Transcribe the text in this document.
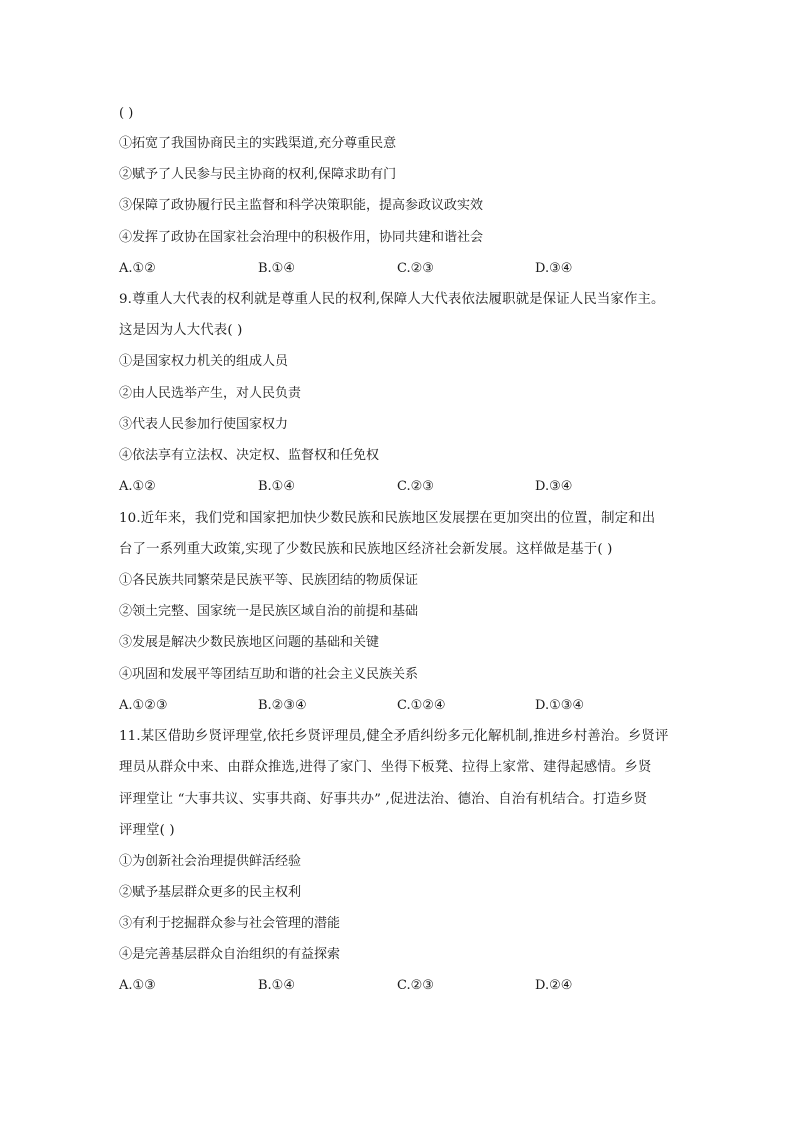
( )
①拓宽了我国协商民主的实践渠道,充分尊重民意
②赋予了人民参与民主协商的权利,保障求助有门
③保障了政协履行民主监督和科学决策职能，提高参政议政实效
④发挥了政协在国家社会治理中的积极作用，协同共建和谐社会
A.①②	B.①④	C.②③	D.③④
9.尊重人大代表的权利就是尊重人民的权利,保障人大代表依法履职就是保证人民当家作主。
这是因为人大代表( )
①是国家权力机关的组成人员
②由人民选举产生，对人民负责
③代表人民参加行使国家权力
④依法享有立法权、决定权、监督权和任免权
A.①②	B.①④	C.②③	D.③④
10.近年来，我们党和国家把加快少数民族和民族地区发展摆在更加突出的位置，制定和出
台了一系列重大政策,实现了少数民族和民族地区经济社会新发展。这样做是基于( )
①各民族共同繁荣是民族平等、民族团结的物质保证
②领土完整、国家统一是民族区域自治的前提和基础
③发展是解决少数民族地区问题的基础和关键
④巩固和发展平等团结互助和谐的社会主义民族关系
A.①②③	B.②③④	C.①②④	D.①③④
11.某区借助乡贤评理堂,依托乡贤评理员,健全矛盾纠纷多元化解机制,推进乡村善治。乡贤评
理员从群众中来、由群众推选,进得了家门、坐得下板凳、拉得上家常、建得起感情。乡贤
评理堂让 “大事共议、实事共商、好事共办” ,促进法治、德治、自治有机结合。打造乡贤
评理堂( )
①为创新社会治理提供鲜活经验
②赋予基层群众更多的民主权利
③有利于挖掘群众参与社会管理的潜能
④是完善基层群众自治组织的有益探索
A.①③	B.①④	C.②③	D.②④
